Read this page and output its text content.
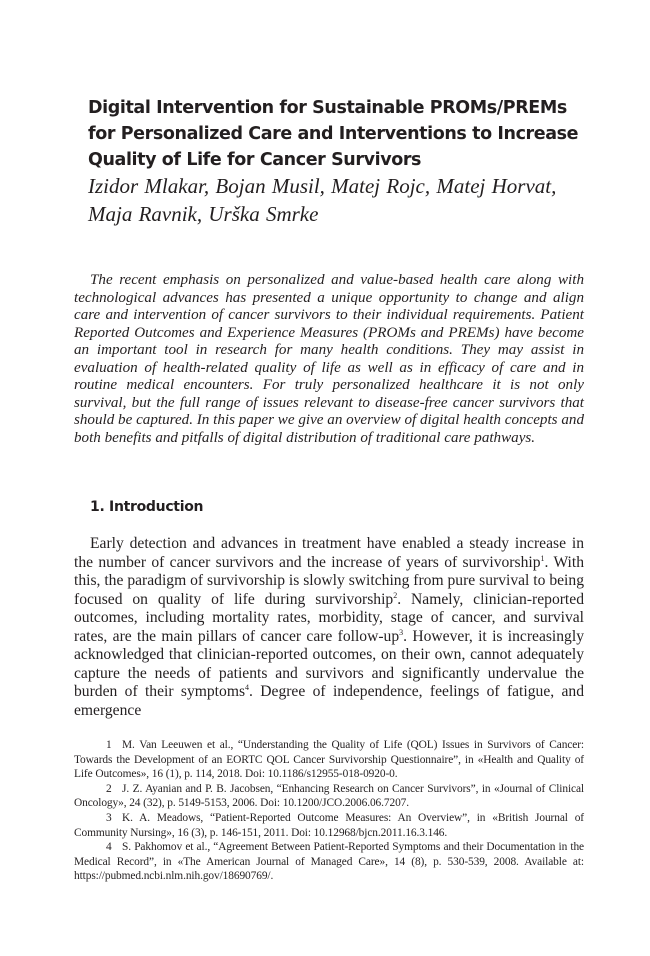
Digital Intervention for Sustainable PROMs/PREMs for Personalized Care and Interventions to Increase Quality of Life for Cancer Survivors

Izidor Mlakar, Bojan Musil, Matej Rojc, Matej Horvat, Maja Ravnik, Urška Smrke

The recent emphasis on personalized and value-based health care along with technological advances has presented a unique opportunity to change and align care and intervention of cancer survivors to their individual requirements. Patient Reported Outcomes and Experience Measures (PROMs and PREMs) have become an important tool in research for many health conditions. They may assist in evaluation of health-related quality of life as well as in efficacy of care and in routine medical encounters. For truly personalized healthcare it is not only survival, but the full range of issues relevant to disease-free cancer survivors that should be captured. In this paper we give an overview of digital health concepts and both benefits and pitfalls of digital distribution of traditional care pathways.

1. Introduction

Early detection and advances in treatment have enabled a steady increase in the number of cancer survivors and the increase of years of survivorship$^1$. With this, the paradigm of survivorship is slowly switching from pure survival to being focused on quality of life during survivorship$^2$. Namely, clinician-reported outcomes, including mortality rates, morbidity, stage of cancer, and survival rates, are the main pillars of cancer care follow-$up^3$. However, it is increasingly acknowledged that clinician-reported outcomes, on their own, cannot adequately capture the needs of patients and survivors and significantly undervalue the burden of their symptoms$^4$. Degree of independence, feelings of fatigue, and emergence

1 M. Van Leeuwen et al., “Understanding the Quality of Life (QOL) Issues in Survivors of Cancer: Towards the Development of an EORTC QOL Cancer Survivorship Questionnaire”, in «Health and Quality of Life Outcomes», 16 (1), p. 114, 2018. Doi: 10.1186/s12955-018-0920-0.
2 J. Z. Ayanian and P. B. Jacobsen, “Enhancing Research on Cancer Survivors”, in «Journal of Clinical Oncology», 24 (32), p. 5149-5153, 2006. Doi: 10.1200/JCO.2006.06.7207.
3 K. A. Meadows, “Patient-Reported Outcome Measures: An Overview”, in «British Journal of Community Nursing», 16 (3), p. 146-151, 2011. Doi: 10.12968/bjcn.2011.16.3.146.
4 S. Pakhomov et al., “Agreement Between Patient-Reported Symptoms and their Documentation in the Medical Record”, in «The American Journal of Managed Care», 14 (8), p. 530-539, 2008. Available at: https://pubmed.ncbi.nlm.nih.gov/18690769/.
